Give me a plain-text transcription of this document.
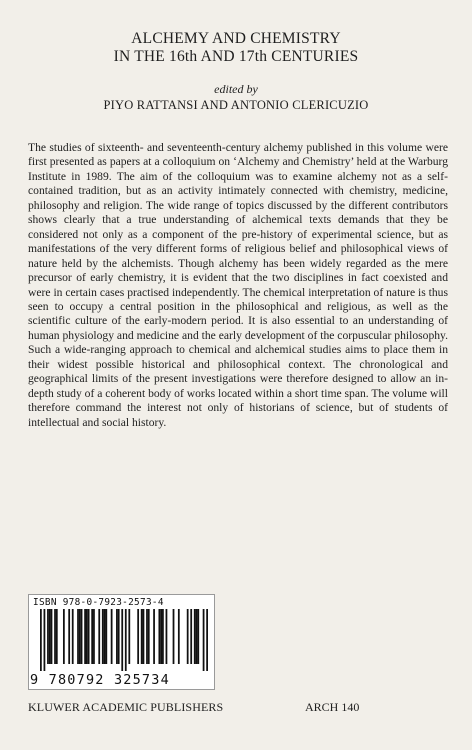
ALCHEMY AND CHEMISTRY
IN THE 16th AND 17th CENTURIES
edited by
PIYO RATTANSI AND ANTONIO CLERICUZIO

The studies of sixteenth- and seventeenth-century alchemy published in this volume were first presented as papers at a colloquium on ‘Alchemy and Chemistry’ held at the Warburg Institute in 1989. The aim of the colloquium was to examine alchemy not as a self-contained tradition, but as an activity intimately connected with chemistry, medicine, philosophy and religion. The wide range of topics discussed by the different contributors shows clearly that a true understanding of alchemical texts demands that they be considered not only as a component of the pre-history of experimental science, but as manifestations of the very different forms of religious belief and philosophical views of nature held by the alchemists. Though alchemy has been widely regarded as the mere precursor of early chemistry, it is evident that the two disciplines in fact coexisted and were in certain cases practised independently. The chemical interpretation of nature is thus seen to occupy a central position in the philosophical and religious, as well as the scientific culture of the early-modern period. It is also essential to an understanding of human physiology and medicine and the early development of the corpuscular philosophy. Such a wide-ranging approach to chemical and alchemical studies aims to place them in their widest possible historical and philosophical context. The chronological and geographical limits of the present investigations were therefore designed to allow an in-depth study of a coherent body of works located within a short time span. The volume will therefore command the interest not only of historians of science, but of students of intellectual and social history.

ISBN 978-0-7923-2573-4
9 780792 325734
KLUWER ACADEMIC PUBLISHERS	ARCH 140
